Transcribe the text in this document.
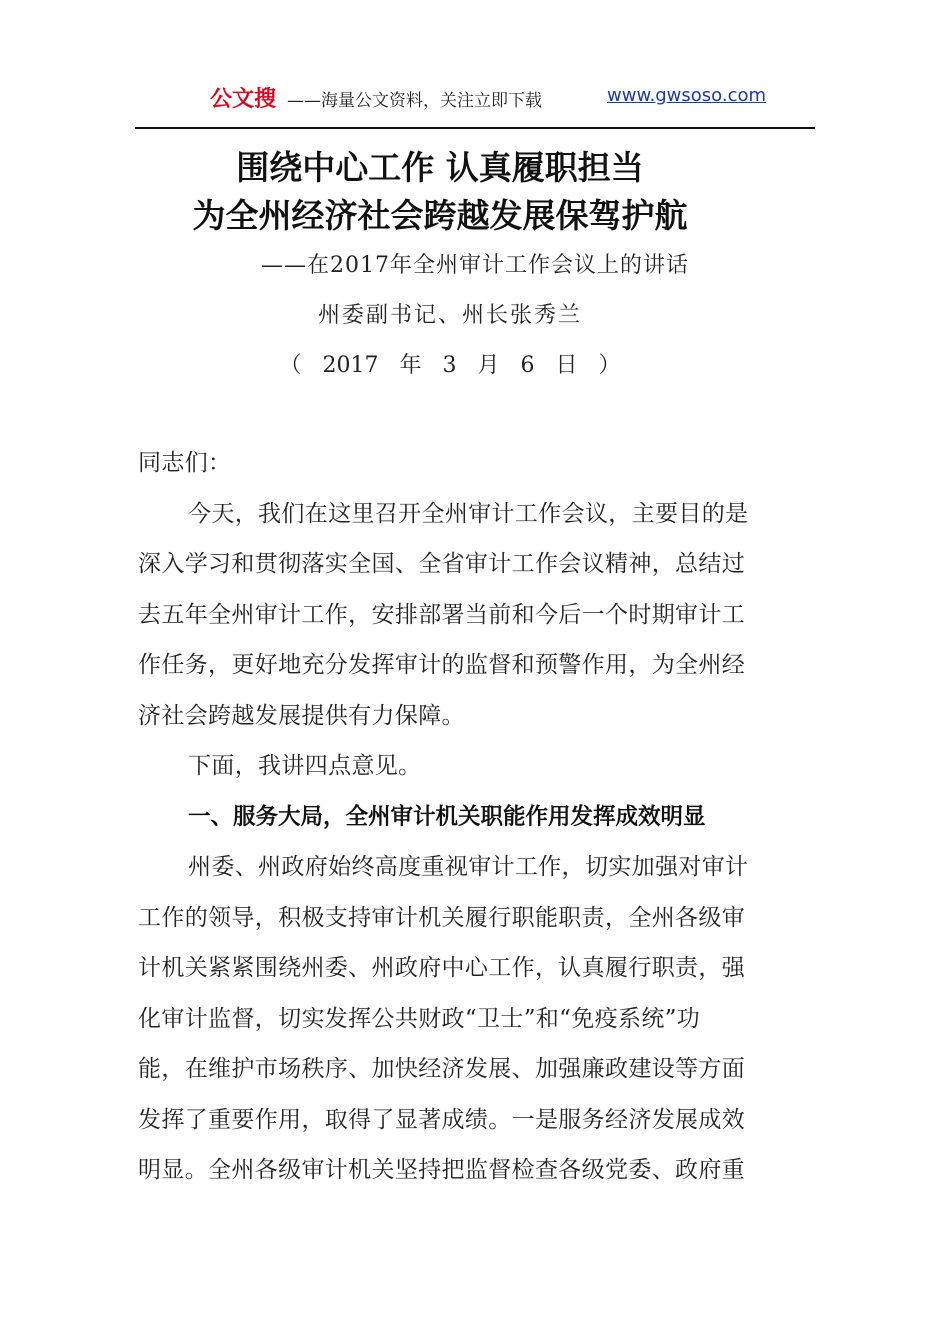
公文搜 ——海量公文资料，关注立即下载	www.gwsoso.com
围绕中心工作 认真履职担当
为全州经济社会跨越发展保驾护航
——在2017年全州审计工作会议上的讲话
州委副书记、州长张秀兰
（ 2017 年 3 月 6 日 ）
同志们：
今天，我们在这里召开全州审计工作会议，主要目的是
深入学习和贯彻落实全国、全省审计工作会议精神，总结过
去五年全州审计工作，安排部署当前和今后一个时期审计工
作任务，更好地充分发挥审计的监督和预警作用，为全州经
济社会跨越发展提供有力保障。
下面，我讲四点意见。
一、服务大局，全州审计机关职能作用发挥成效明显
州委、州政府始终高度重视审计工作，切实加强对审计
工作的领导，积极支持审计机关履行职能职责，全州各级审
计机关紧紧围绕州委、州政府中心工作，认真履行职责，强
化审计监督，切实发挥公共财政“卫士”和“免疫系统”功
能，在维护市场秩序、加快经济发展、加强廉政建设等方面
发挥了重要作用，取得了显著成绩。一是服务经济发展成效
明显。全州各级审计机关坚持把监督检查各级党委、政府重
